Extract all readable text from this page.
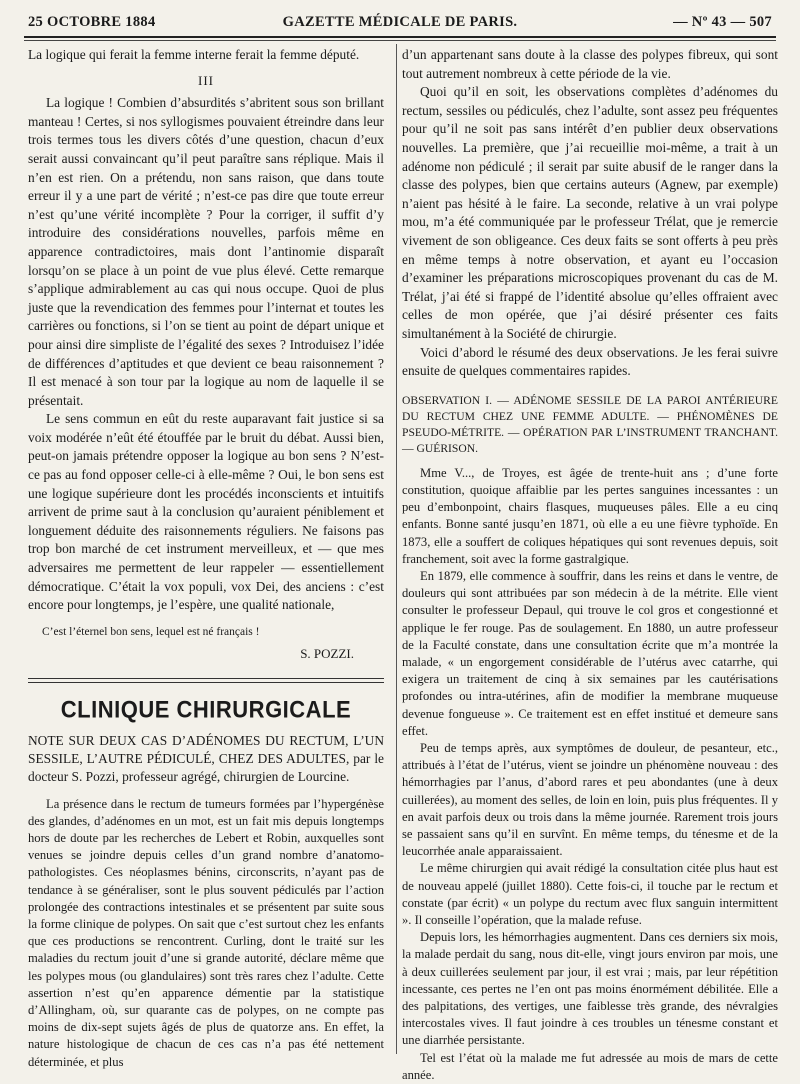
25 OCTOBRE 1884	GAZETTE MÉDICALE DE PARIS.	— Nº 43 — 507

La logique qui ferait la femme interne ferait la femme député.

III

La logique ! Combien d’absurdités s’abritent sous son brillant manteau ! Certes, si nos syllogismes pouvaient étreindre dans leur trois termes tous les divers côtés d’une question, chacun d’eux serait aussi convaincant qu’il peut paraître sans réplique. Mais il n’en est rien. On a prétendu, non sans raison, que dans toute erreur il y a une part de vérité ; n’est-ce pas dire que toute erreur n’est qu’une vérité incomplète ? Pour la corriger, il suffit d’y introduire des considérations nouvelles, parfois même en apparence contradictoires, mais dont l’antinomie disparaît lorsqu’on se place à un point de vue plus élevé. Cette remarque s’applique admirablement au cas qui nous occupe. Quoi de plus juste que la revendication des femmes pour l’internat et toutes les carrières ou fonctions, si l’on se tient au point de départ unique et pour ainsi dire simpliste de l’égalité des sexes ? Introduisez l’idée de différences d’aptitudes et que devient ce beau raisonnement ? Il est menacé à son tour par la logique au nom de laquelle il se présentait.

Le sens commun en eût du reste auparavant fait justice si sa voix modérée n’eût été étouffée par le bruit du débat. Aussi bien, peut-on jamais prétendre opposer la logique au bon sens ? N’est-ce pas au fond opposer celle-ci à elle-même ? Oui, le bon sens est une logique supérieure dont les procédés inconscients et intuitifs arrivent de prime saut à la conclusion qu’auraient péniblement et longuement déduite des raisonnements réguliers. Ne faisons pas trop bon marché de cet instrument merveilleux, et — que mes adversaires me permettent de leur rappeler — essentiellement démocratique. C’était la vox populi, vox Dei, des anciens : c’est encore pour longtemps, je l’espère, une qualité nationale,

C’est l’éternel bon sens, lequel est né français !
S. POZZI.
CLINIQUE CHIRURGICALE
NOTE SUR DEUX CAS D’ADÉNOMES DU RECTUM, L’UN SESSILE, L’AUTRE PÉDICULÉ, CHEZ DES ADULTES, par le docteur S. Pozzi, professeur agrégé, chirurgien de Lourcine.

La présence dans le rectum de tumeurs formées par l’hypergénèse des glandes, d’adénomes en un mot, est un fait mis depuis longtemps hors de doute par les recherches de Lebert et Robin, auxquelles sont venues se joindre depuis celles d’un grand nombre d’anatomo-pathologistes. Ces néoplasmes bénins, circonscrits, n’ayant pas de tendance à se généraliser, sont le plus souvent pédiculés par l’action prolongée des contractions intestinales et se présentent par suite sous la forme clinique de polypes. On sait que c’est surtout chez les enfants que ces productions se rencontrent. Curling, dont le traité sur les maladies du rectum jouit d’une si grande autorité, déclare même que les polypes mous (ou glandulaires) sont très rares chez l’adulte. Cette assertion n’est qu’en apparence démentie par la statistique d’Allingham, où, sur quarante cas de polypes, on ne compte pas moins de dix-sept sujets âgés de plus de quatorze ans. En effet, la nature histologique de chacun de ces cas n’a pas été nettement déterminée, et plus

d’un appartenant sans doute à la classe des polypes fibreux, qui sont tout autrement nombreux à cette période de la vie.

Quoi qu’il en soit, les observations complètes d’adénomes du rectum, sessiles ou pédiculés, chez l’adulte, sont assez peu fréquentes pour qu’il ne soit pas sans intérêt d’en publier deux observations nouvelles. La première, que j’ai recueillie moi-même, a trait à un adénome non pédiculé ; il serait par suite abusif de le ranger dans la classe des polypes, bien que certains auteurs (Agnew, par exemple) n’aient pas hésité à le faire. La seconde, relative à un vrai polype mou, m’a été communiquée par le professeur Trélat, que je remercie vivement de son obligeance. Ces deux faits se sont offerts à peu près en même temps à notre observation, et ayant eu l’occasion d’examiner les préparations microscopiques provenant du cas de M. Trélat, j’ai été si frappé de l’identité absolue qu’elles offraient avec celles de mon opérée, que j’ai désiré présenter ces faits simultanément à la Société de chirurgie.

Voici d’abord le résumé des deux observations. Je les ferai suivre ensuite de quelques commentaires rapides.

OBSERVATION I. — ADÉNOME SESSILE DE LA PAROI ANTÉRIEURE DU RECTUM CHEZ UNE FEMME ADULTE. — PHÉNOMÈNES DE PSEUDO-MÉTRITE. — OPÉRATION PAR L’INSTRUMENT TRANCHANT. — GUÉRISON.

Mme V..., de Troyes, est âgée de trente-huit ans ; d’une forte constitution, quoique affaiblie par les pertes sanguines incessantes : un peu d’embonpoint, chairs flasques, muqueuses pâles. Elle a eu cinq enfants. Bonne santé jusqu’en 1871, où elle a eu une fièvre typhoïde. En 1873, elle a souffert de coliques hépatiques qui sont revenues depuis, soit franchement, soit avec la forme gastralgique.

En 1879, elle commence à souffrir, dans les reins et dans le ventre, de douleurs qui sont attribuées par son médecin à de la métrite. Elle vient consulter le professeur Depaul, qui trouve le col gros et congestionné et applique le fer rouge. Pas de soulagement. En 1880, un autre professeur de la Faculté constate, dans une consultation écrite que m’a montrée la malade, « un engorgement considérable de l’utérus avec catarrhe, qui exigera un traitement de cinq à six semaines par les cautérisations profondes ou intra-utérines, afin de modifier la membrane muqueuse devenue fongueuse ». Ce traitement est en effet institué et demeure sans effet.

Peu de temps après, aux symptômes de douleur, de pesanteur, etc., attribués à l’état de l’utérus, vient se joindre un phénomène nouveau : des hémorrhagies par l’anus, d’abord rares et peu abondantes (une à deux cuillerées), au moment des selles, de loin en loin, puis plus fréquentes. Il y en avait parfois deux ou trois dans la même journée. Rarement trois jours se passaient sans qu’il en survînt. En même temps, du ténesme et de la leucorrhée anale apparaissaient.

Le même chirurgien qui avait rédigé la consultation citée plus haut est de nouveau appelé (juillet 1880). Cette fois-ci, il touche par le rectum et constate (par écrit) « un polype du rectum avec flux sanguin intermittent ». Il conseille l’opération, que la malade refuse.

Depuis lors, les hémorrhagies augmentent. Dans ces derniers six mois, la malade perdait du sang, nous dit-elle, vingt jours environ par mois, une à deux cuillerées seulement par jour, il est vrai ; mais, par leur répétition incessante, ces pertes ne l’en ont pas moins énormément débilitée. Elle a des palpitations, des vertiges, une faiblesse très grande, des névralgies intercostales vives. Il faut joindre à ces troubles un ténesme constant et une diarrhée persistante.

Tel est l’état où la malade me fut adressée au mois de mars de cette année.
